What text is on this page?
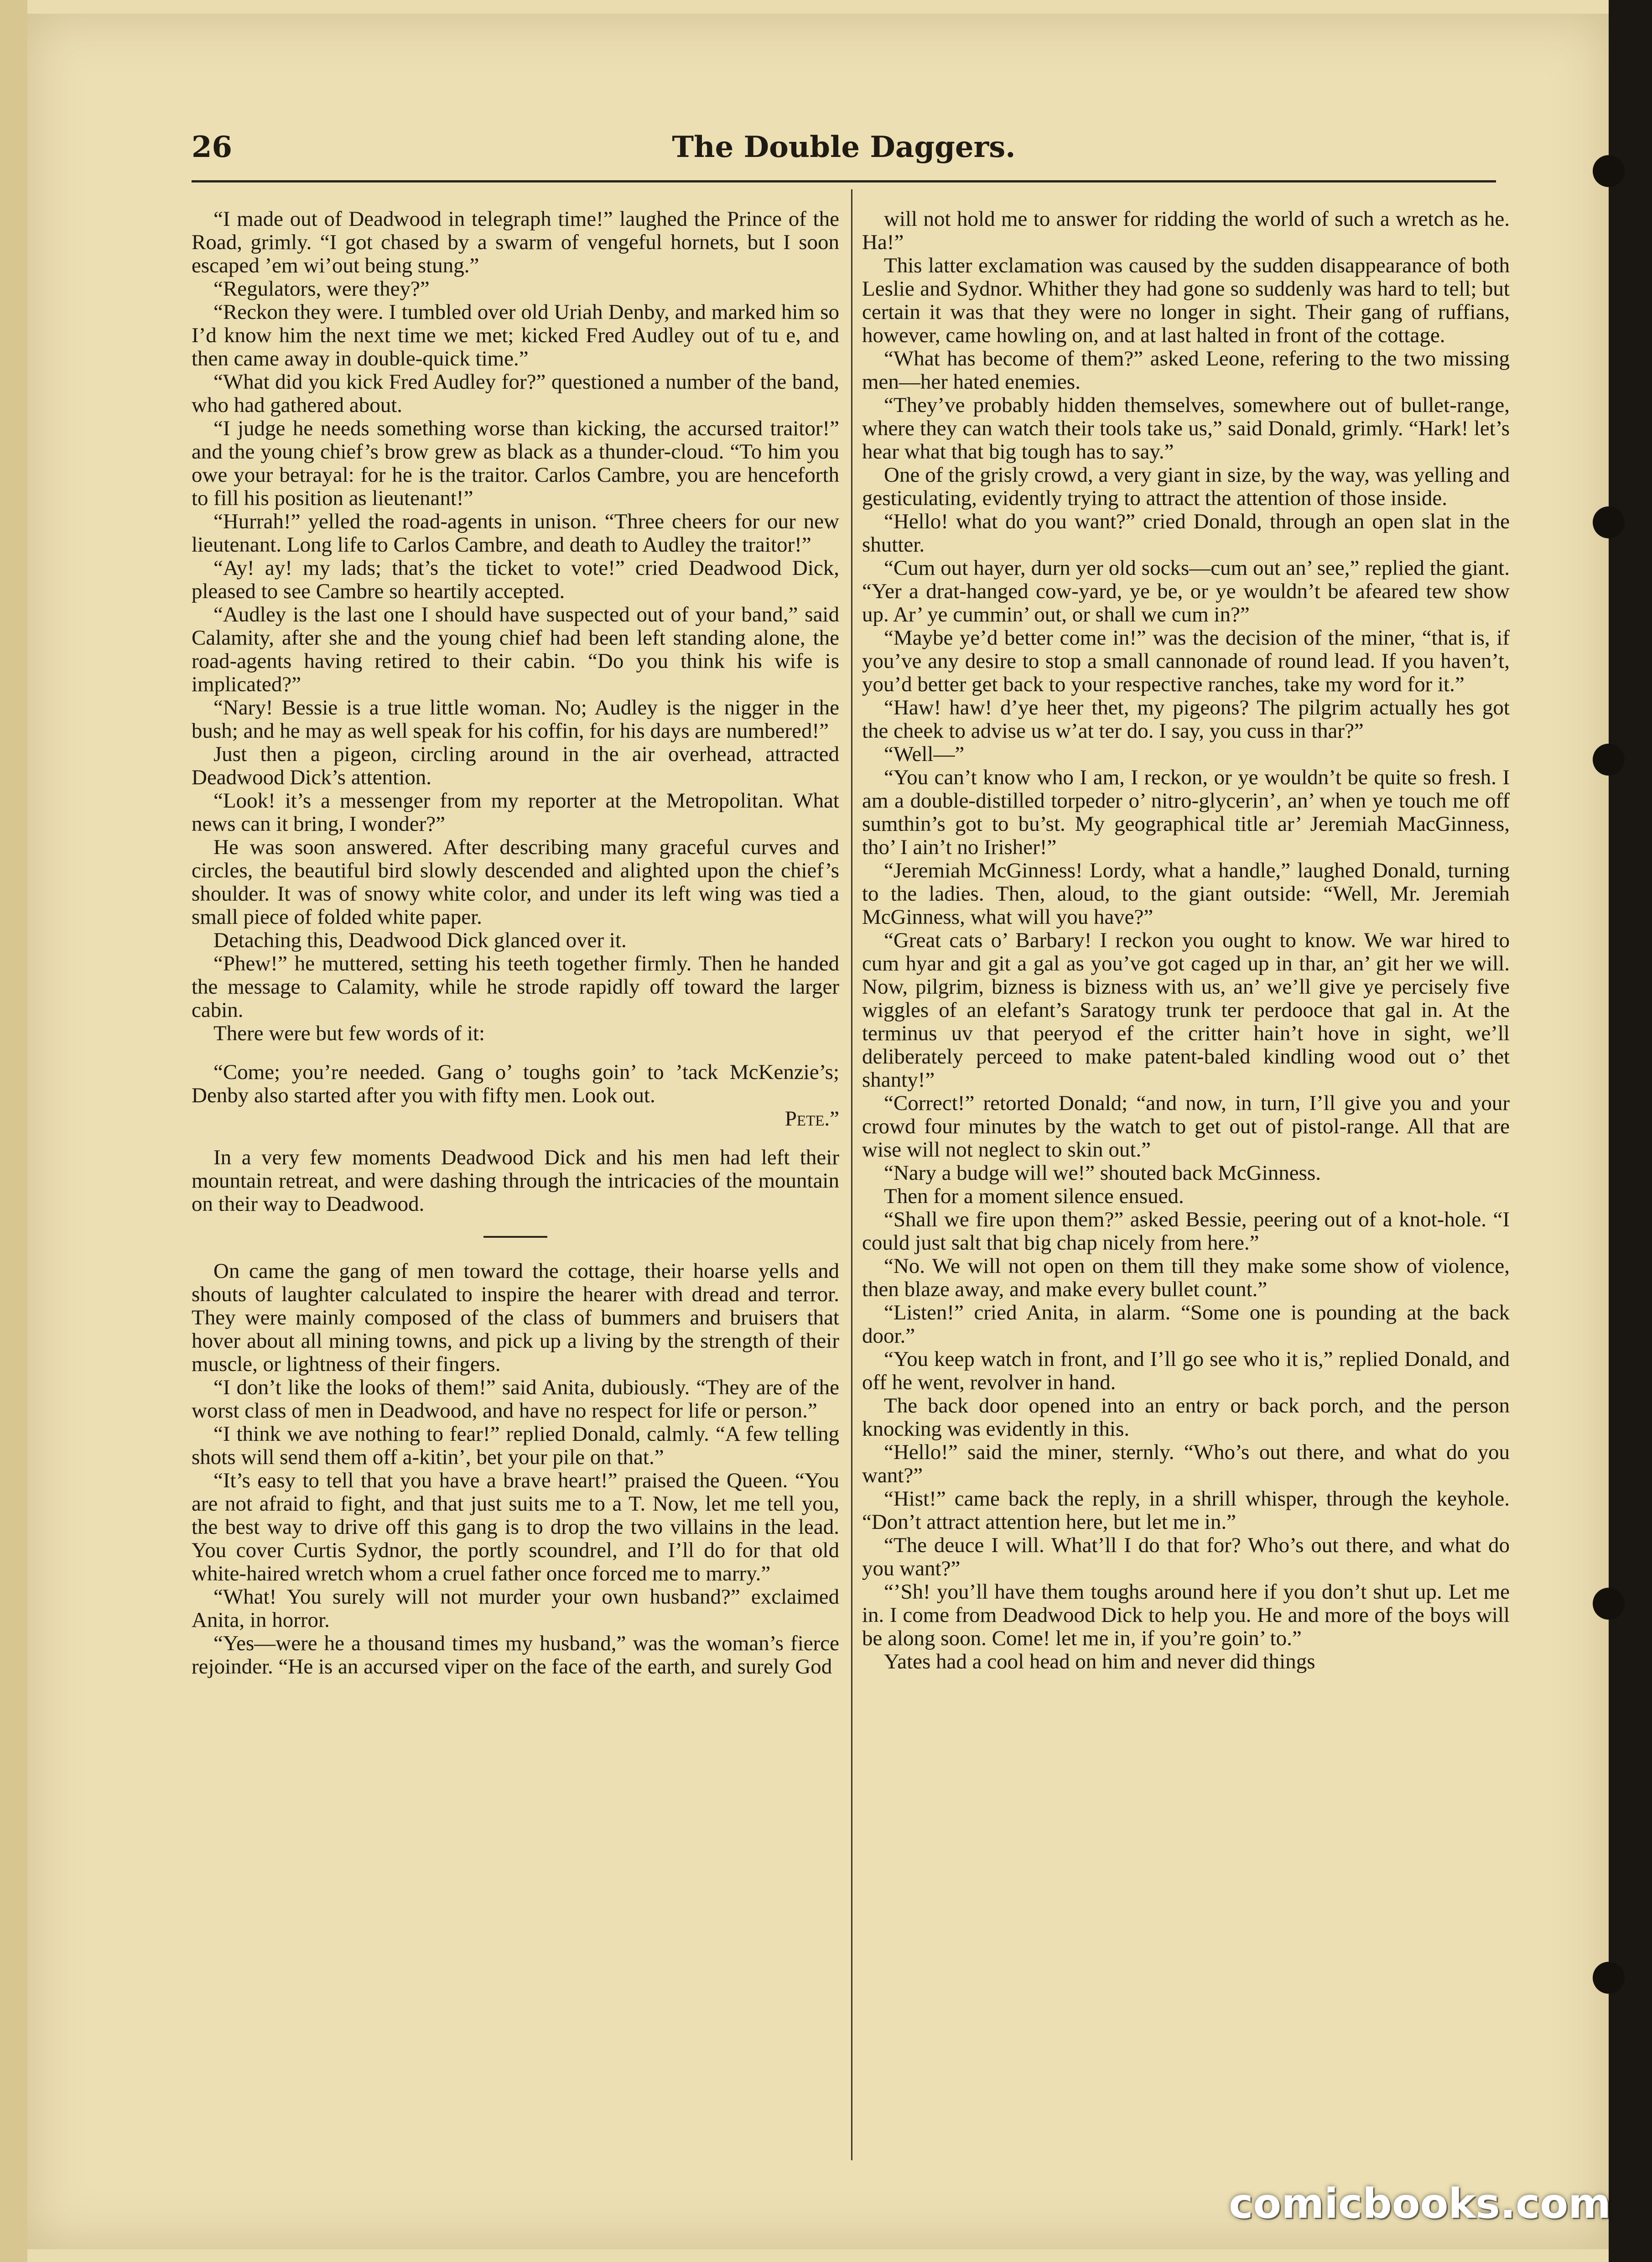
26	The Double Daggers.

“I made out of Deadwood in telegraph time!” laughed the Prince of the Road, grimly. “I got chased by a swarm of vengeful hornets, but I soon escaped ’em wi’out being stung.”

“Regulators, were they?”

“Reckon they were. I tumbled over old Uriah Denby, and marked him so I’d know him the next time we met; kicked Fred Audley out of tu e, and then came away in double-quick time.”

“What did you kick Fred Audley for?” questioned a number of the band, who had gathered about.

“I judge he needs something worse than kicking, the accursed traitor!” and the young chief’s brow grew as black as a thunder-cloud. “To him you owe your betrayal: for he is the traitor. Carlos Cambre, you are henceforth to fill his position as lieutenant!”

“Hurrah!” yelled the road-agents in unison. “Three cheers for our new lieutenant. Long life to Carlos Cambre, and death to Audley the traitor!”

“Ay! ay! my lads; that’s the ticket to vote!” cried Deadwood Dick, pleased to see Cambre so heartily accepted.

“Audley is the last one I should have suspected out of your band,” said Calamity, after she and the young chief had been left standing alone, the road-agents having retired to their cabin. “Do you think his wife is implicated?”

“Nary! Bessie is a true little woman. No; Audley is the nigger in the bush; and he may as well speak for his coffin, for his days are numbered!”

Just then a pigeon, circling around in the air overhead, attracted Deadwood Dick’s attention.

“Look! it’s a messenger from my reporter at the Metropolitan. What news can it bring, I wonder?”

He was soon answered. After describing many graceful curves and circles, the beautiful bird slowly descended and alighted upon the chief’s shoulder. It was of snowy white color, and under its left wing was tied a small piece of folded white paper.

Detaching this, Deadwood Dick glanced over it.

“Phew!” he muttered, setting his teeth together firmly. Then he handed the message to Calamity, while he strode rapidly off toward the larger cabin.

There were but few words of it:

“Come; you’re needed. Gang o’ toughs goin’ to ’tack McKenzie’s; Denby also started after you with fifty men. Look out.

Pete.”

In a very few moments Deadwood Dick and his men had left their mountain retreat, and were dashing through the intricacies of the mountain on their way to Deadwood.

On came the gang of men toward the cottage, their hoarse yells and shouts of laughter calculated to inspire the hearer with dread and terror. They were mainly composed of the class of bummers and bruisers that hover about all mining towns, and pick up a living by the strength of their muscle, or lightness of their fingers.

“I don’t like the looks of them!” said Anita, dubiously. “They are of the worst class of men in Deadwood, and have no respect for life or person.”

“I think we ave nothing to fear!” replied Donald, calmly. “A few telling shots will send them off a-kitin’, bet your pile on that.”

“It’s easy to tell that you have a brave heart!” praised the Queen. “You are not afraid to fight, and that just suits me to a T. Now, let me tell you, the best way to drive off this gang is to drop the two villains in the lead. You cover Curtis Sydnor, the portly scoundrel, and I’ll do for that old white-haired wretch whom a cruel father once forced me to marry.”

“What! You surely will not murder your own husband?” exclaimed Anita, in horror.

“Yes—were he a thousand times my husband,” was the woman’s fierce rejoinder. “He is an accursed viper on the face of the earth, and surely God

will not hold me to answer for ridding the world of such a wretch as he. Ha!”

This latter exclamation was caused by the sudden disappearance of both Leslie and Sydnor. Whither they had gone so suddenly was hard to tell; but certain it was that they were no longer in sight. Their gang of ruffians, however, came howling on, and at last halted in front of the cottage.

“What has become of them?” asked Leone, refering to the two missing men—her hated enemies.

“They’ve probably hidden themselves, somewhere out of bullet-range, where they can watch their tools take us,” said Donald, grimly. “Hark! let’s hear what that big tough has to say.”

One of the grisly crowd, a very giant in size, by the way, was yelling and gesticulating, evidently trying to attract the attention of those inside.

“Hello! what do you want?” cried Donald, through an open slat in the shutter.

“Cum out hayer, durn yer old socks—cum out an’ see,” replied the giant. “Yer a drat-hanged cow-yard, ye be, or ye wouldn’t be afeared tew show up. Ar’ ye cummin’ out, or shall we cum in?”

“Maybe ye’d better come in!” was the decision of the miner, “that is, if you’ve any desire to stop a small cannonade of round lead. If you haven’t, you’d better get back to your respective ranches, take my word for it.”

“Haw! haw! d’ye heer thet, my pigeons? The pilgrim actually hes got the cheek to advise us w’at ter do. I say, you cuss in thar?”

“Well—”

“You can’t know who I am, I reckon, or ye wouldn’t be quite so fresh. I am a double-distilled torpeder o’ nitro-glycerin’, an’ when ye touch me off sumthin’s got to bu’st. My geographical title ar’ Jeremiah MacGinness, tho’ I ain’t no Irisher!”

“Jeremiah McGinness! Lordy, what a handle,” laughed Donald, turning to the ladies. Then, aloud, to the giant outside: “Well, Mr. Jeremiah McGinness, what will you have?”

“Great cats o’ Barbary! I reckon you ought to know. We war hired to cum hyar and git a gal as you’ve got caged up in thar, an’ git her we will. Now, pilgrim, bizness is bizness with us, an’ we’ll give ye percisely five wiggles of an elefant’s Saratogy trunk ter perdooce that gal in. At the terminus uv that peeryod ef the critter hain’t hove in sight, we’ll deliberately perceed to make patent-baled kindling wood out o’ thet shanty!”

“Correct!” retorted Donald; “and now, in turn, I’ll give you and your crowd four minutes by the watch to get out of pistol-range. All that are wise will not neglect to skin out.”

“Nary a budge will we!” shouted back McGinness.

Then for a moment silence ensued.

“Shall we fire upon them?” asked Bessie, peering out of a knot-hole. “I could just salt that big chap nicely from here.”

“No. We will not open on them till they make some show of violence, then blaze away, and make every bullet count.”

“Listen!” cried Anita, in alarm. “Some one is pounding at the back door.”

“You keep watch in front, and I’ll go see who it is,” replied Donald, and off he went, revolver in hand.

The back door opened into an entry or back porch, and the person knocking was evidently in this.

“Hello!” said the miner, sternly. “Who’s out there, and what do you want?”

“Hist!” came back the reply, in a shrill whisper, through the keyhole. “Don’t attract attention here, but let me in.”

“The deuce I will. What’ll I do that for? Who’s out there, and what do you want?”

“’Sh! you’ll have them toughs around here if you don’t shut up. Let me in. I come from Deadwood Dick to help you. He and more of the boys will be along soon. Come! let me in, if you’re goin’ to.”

Yates had a cool head on him and never did things

comicbooks.com
